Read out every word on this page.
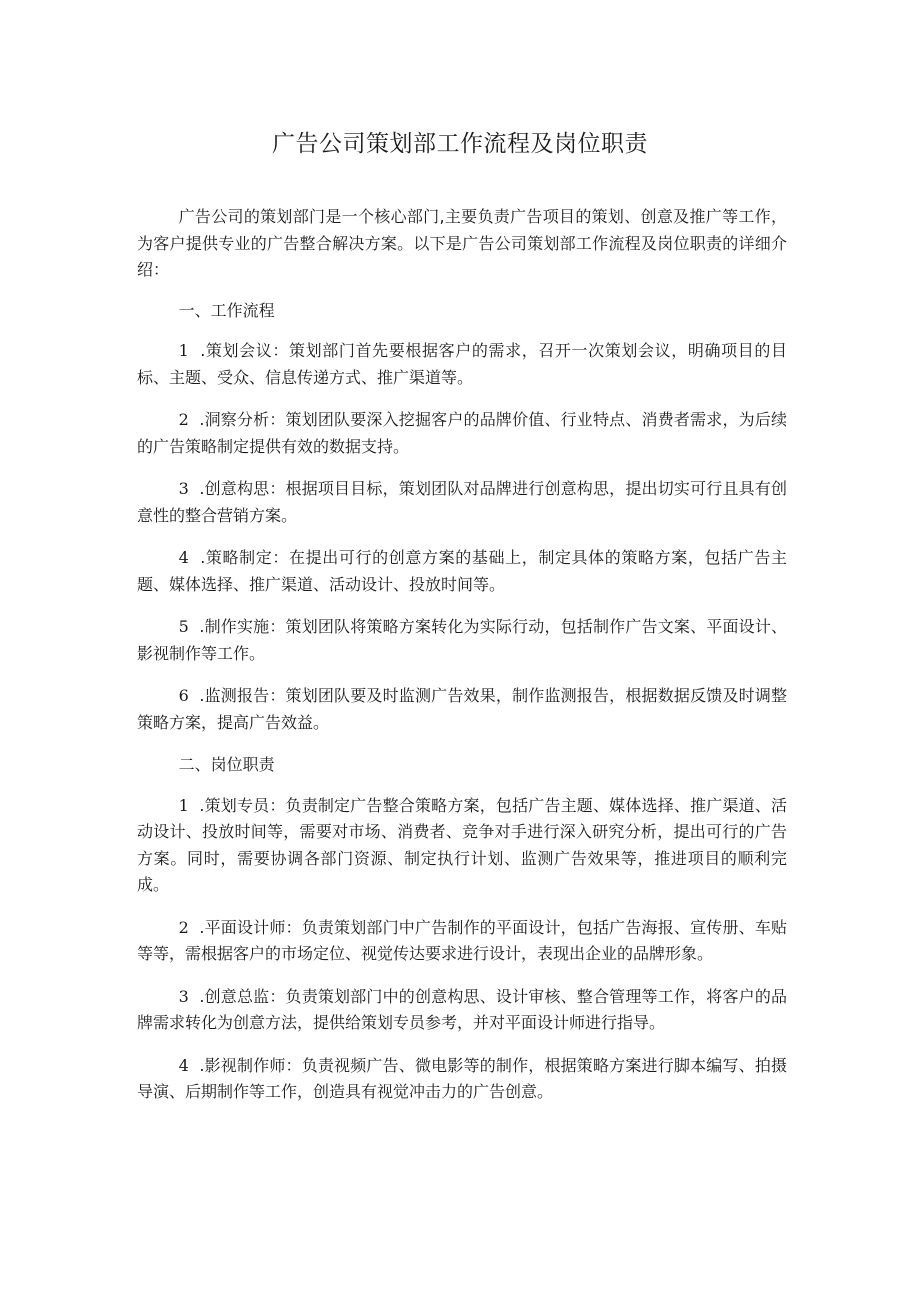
广告公司策划部工作流程及岗位职责

广告公司的策划部门是一个核心部门,主要负责广告项目的策划、创意及推广等工作，为客户提供专业的广告整合解决方案。以下是广告公司策划部工作流程及岗位职责的详细介绍：

一、工作流程

1 .策划会议：策划部门首先要根据客户的需求，召开一次策划会议，明确项目的目标、主题、受众、信息传递方式、推广渠道等。

2 .洞察分析：策划团队要深入挖掘客户的品牌价值、行业特点、消费者需求，为后续的广告策略制定提供有效的数据支持。

3 .创意构思：根据项目目标，策划团队对品牌进行创意构思，提出切实可行且具有创意性的整合营销方案。

4 .策略制定：在提出可行的创意方案的基础上，制定具体的策略方案，包括广告主题、媒体选择、推广渠道、活动设计、投放时间等。

5 .制作实施：策划团队将策略方案转化为实际行动，包括制作广告文案、平面设计、影视制作等工作。

6 .监测报告：策划团队要及时监测广告效果，制作监测报告，根据数据反馈及时调整策略方案，提高广告效益。

二、岗位职责

1 .策划专员：负责制定广告整合策略方案，包括广告主题、媒体选择、推广渠道、活动设计、投放时间等，需要对市场、消费者、竞争对手进行深入研究分析，提出可行的广告方案。同时，需要协调各部门资源、制定执行计划、监测广告效果等，推进项目的顺利完成。

2 .平面设计师：负责策划部门中广告制作的平面设计，包括广告海报、宣传册、车贴等等，需根据客户的市场定位、视觉传达要求进行设计，表现出企业的品牌形象。

3 .创意总监：负责策划部门中的创意构思、设计审核、整合管理等工作，将客户的品牌需求转化为创意方法，提供给策划专员参考，并对平面设计师进行指导。

4 .影视制作师：负责视频广告、微电影等的制作，根据策略方案进行脚本编写、拍摄导演、后期制作等工作，创造具有视觉冲击力的广告创意。
